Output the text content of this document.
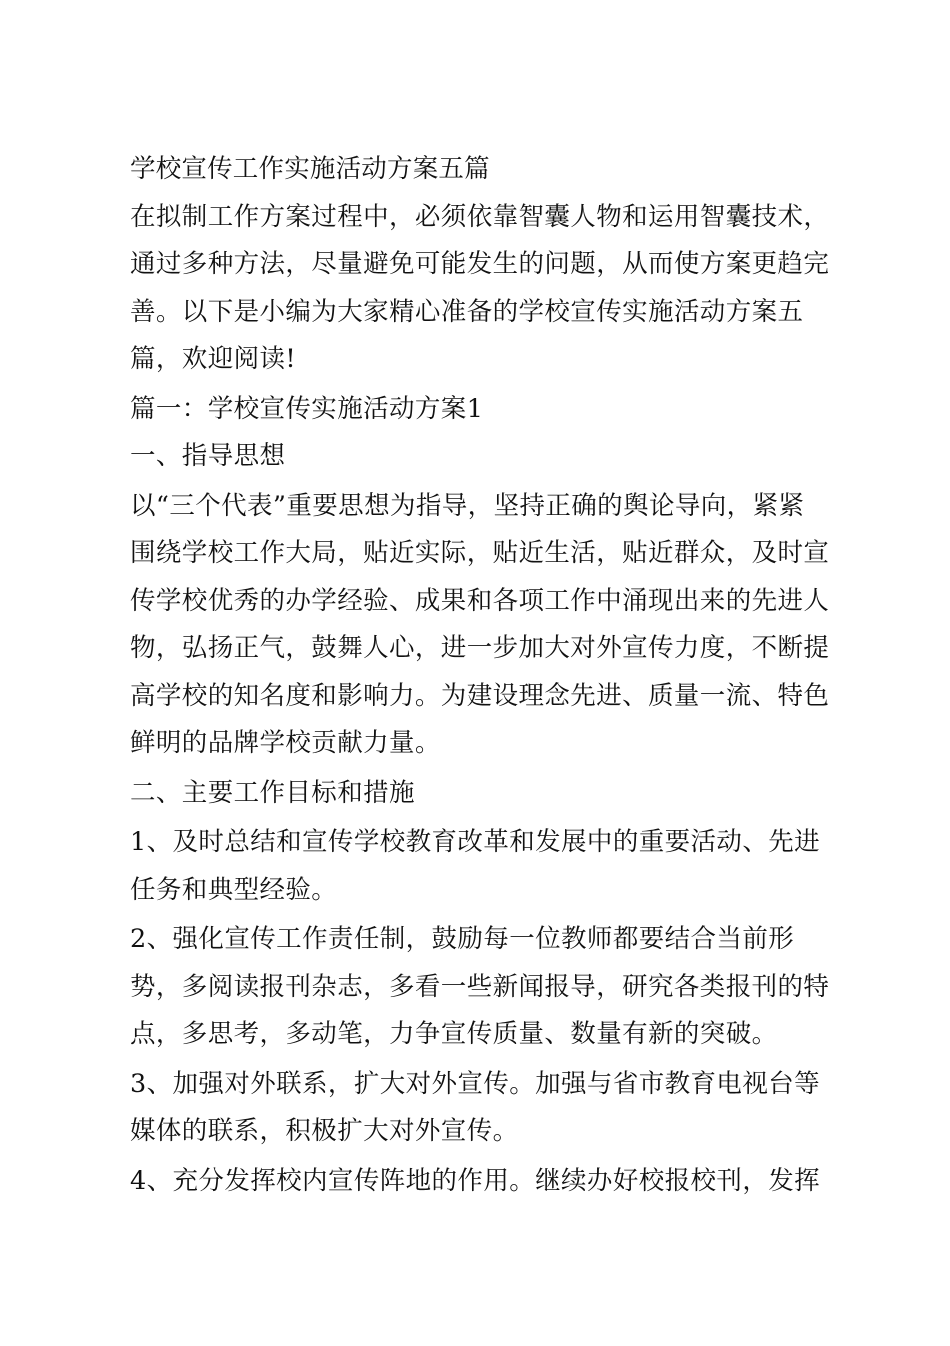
学校宣传工作实施活动方案五篇
在拟制工作方案过程中，必须依靠智囊人物和运用智囊技术，
通过多种方法，尽量避免可能发生的问题，从而使方案更趋完
善。以下是小编为大家精心准备的学校宣传实施活动方案五
篇，欢迎阅读!
篇一：学校宣传实施活动方案1
一、指导思想
以“三个代表”重要思想为指导，坚持正确的舆论导向，紧紧
围绕学校工作大局，贴近实际，贴近生活，贴近群众，及时宣
传学校优秀的办学经验、成果和各项工作中涌现出来的先进人
物，弘扬正气，鼓舞人心，进一步加大对外宣传力度，不断提
高学校的知名度和影响力。为建设理念先进、质量一流、特色
鲜明的品牌学校贡献力量。
二、主要工作目标和措施
1、及时总结和宣传学校教育改革和发展中的重要活动、先进
任务和典型经验。
2、强化宣传工作责任制，鼓励每一位教师都要结合当前形
势，多阅读报刊杂志，多看一些新闻报导，研究各类报刊的特
点，多思考，多动笔，力争宣传质量、数量有新的突破。
3、加强对外联系，扩大对外宣传。加强与省市教育电视台等
媒体的联系，积极扩大对外宣传。
4、充分发挥校内宣传阵地的作用。继续办好校报校刊，发挥
